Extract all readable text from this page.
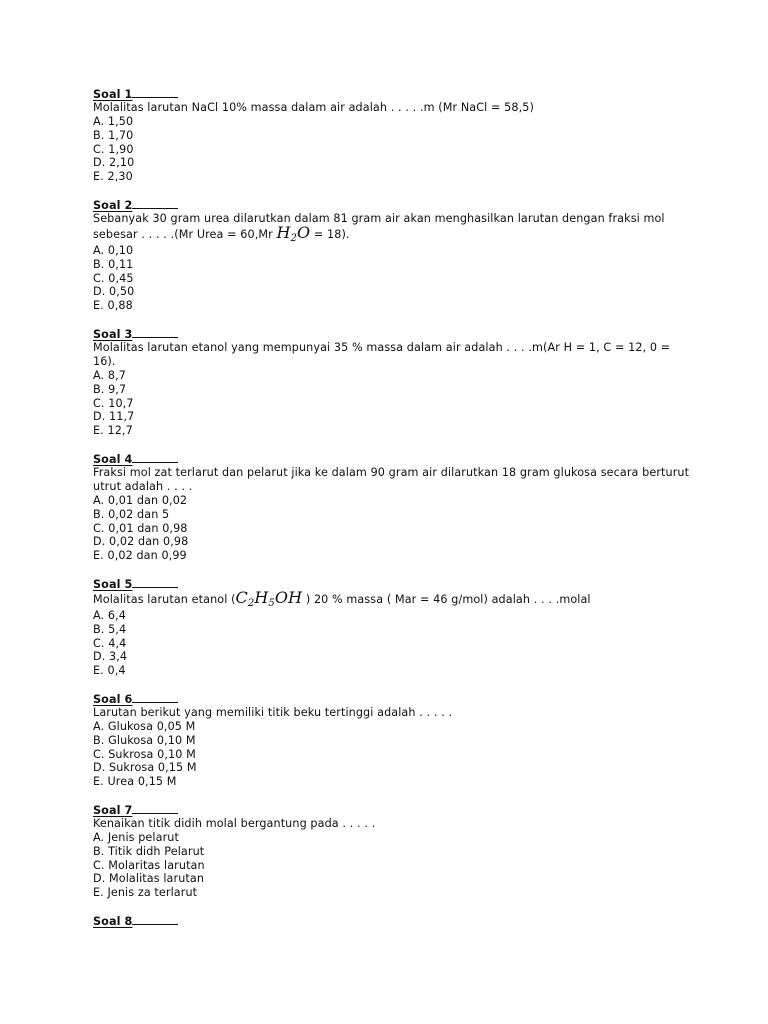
Soal 1
Molalitas larutan NaCl 10% massa dalam air adalah . . . . .m (Mr NaCl = 58,5)
A. 1,50
B. 1,70
C. 1,90
D. 2,10
E. 2,30
Soal 2
Sebanyak 30 gram urea dilarutkan dalam 81 gram air akan menghasilkan larutan dengan fraksi mol
sebesar . . . . .(Mr Urea = 60,Mr $H_2O = 18$).
A. 0,10
B. 0,11
C. 0,45
D. 0,50
E. 0,88
Soal 3
Molalitas larutan etanol yang mempunyai 35 % massa dalam air adalah . . . .m(Ar H = 1, C = 12, 0 = 16).
A. 8,7
B. 9,7
C. 10,7
D. 11,7
E. 12,7
Soal 4
Fraksi mol zat terlarut dan pelarut jika ke dalam 90 gram air dilarutkan 18 gram glukosa secara berturut
utrut adalah . . . .
A. 0,01 dan 0,02
B. 0,02 dan 5
C. 0,01 dan 0,98
D. 0,02 dan 0,98
E. 0,02 dan 0,99
Soal 5
Molalitas larutan etanol ($C_2H_5OH$ ) 20 % massa ( Mar = 46 g/mol) adalah . . . .molal
A. 6,4
B. 5,4
C. 4,4
D. 3,4
E. 0,4
Soal 6
Larutan berikut yang memiliki titik beku tertinggi adalah . . . . .
A. Glukosa 0,05 M
B. Glukosa 0,10 M
C. Sukrosa 0,10 M
D. Sukrosa 0,15 M
E. Urea 0,15 M
Soal 7
Kenaikan titik didih molal bergantung pada . . . . .
A. Jenis pelarut
B. Titik didh Pelarut
C. Molaritas larutan
D. Molalitas larutan
E. Jenis za terlarut
Soal 8
